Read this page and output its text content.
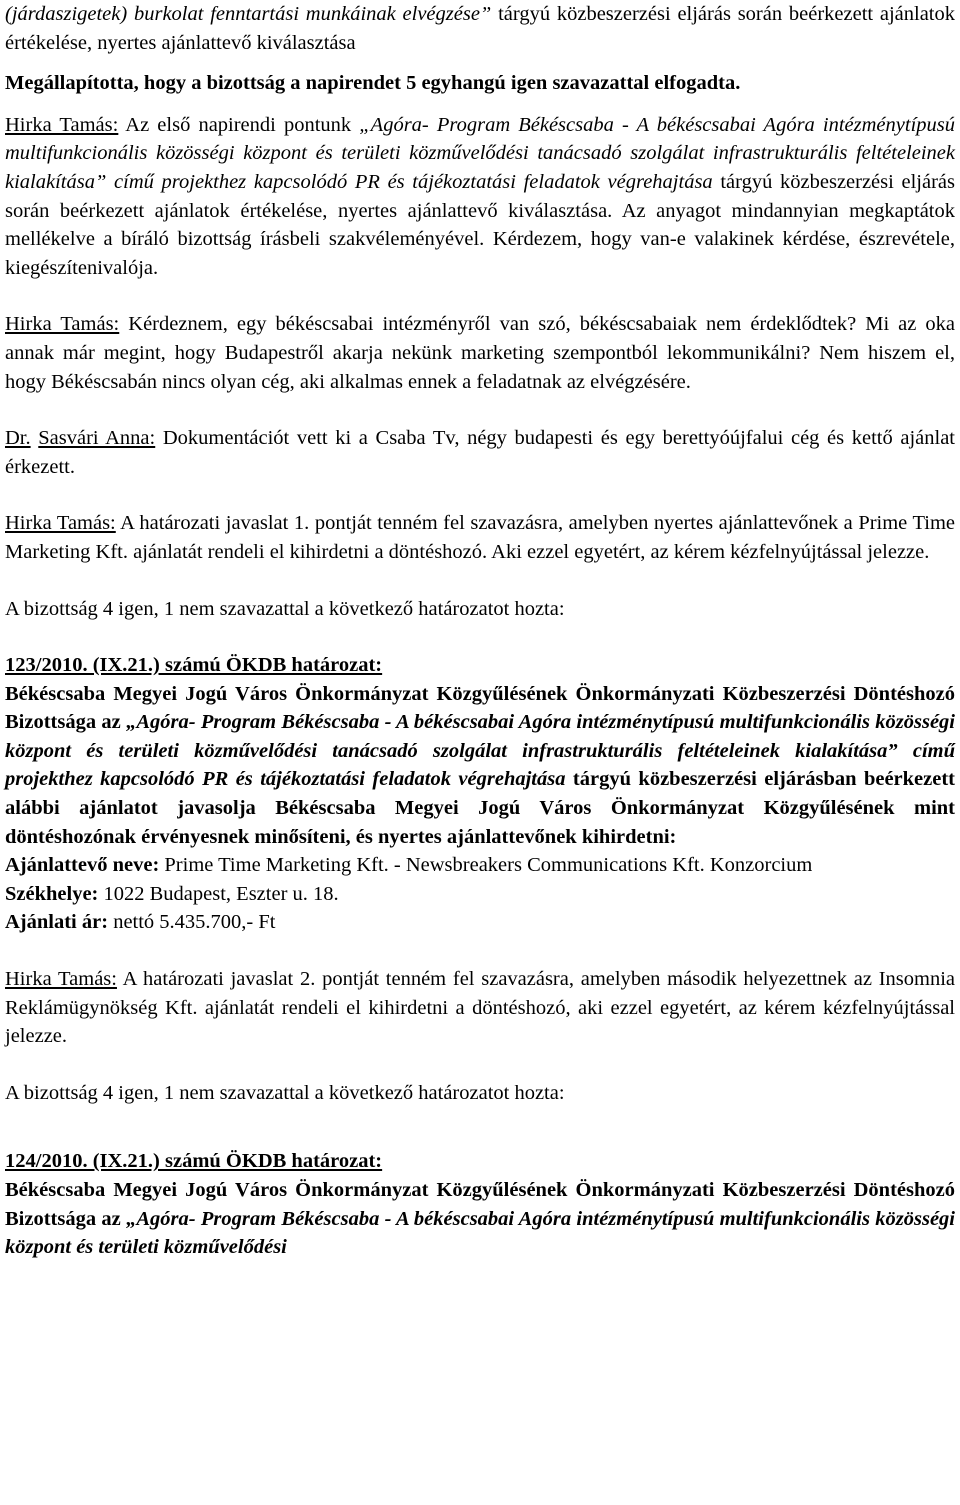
(járdaszigetek) burkolat fenntartási munkáinak elvégzése” tárgyú közbeszerzési eljárás során beérkezett ajánlatok értékelése, nyertes ajánlattevő kiválasztása

Megállapította, hogy a bizottság a napirendet 5 egyhangú igen szavazattal elfogadta.

Hirka Tamás: Az első napirendi pontunk „Agóra- Program Békéscsaba - A békéscsabai Agóra intézménytípusú multifunkcionális közösségi központ és területi közművelődési tanácsadó szolgálat infrastrukturális feltételeinek kialakítása” című projekthez kapcsolódó PR és tájékoztatási feladatok végrehajtása tárgyú közbeszerzési eljárás során beérkezett ajánlatok értékelése, nyertes ajánlattevő kiválasztása. Az anyagot mindannyian megkaptátok mellékelve a bíráló bizottság írásbeli szakvéleményével. Kérdezem, hogy van-e valakinek kérdése, észrevétele, kiegészítenivalója.

Hirka Tamás: Kérdeznem, egy békéscsabai intézményről van szó, békéscsabaiak nem érdeklődtek? Mi az oka annak már megint, hogy Budapestről akarja nekünk marketing szempontból lekommunikálni? Nem hiszem el, hogy Békéscsabán nincs olyan cég, aki alkalmas ennek a feladatnak az elvégzésére.

Dr. Sasvári Anna: Dokumentációt vett ki a Csaba Tv, négy budapesti és egy berettyóújfalui cég és kettő ajánlat érkezett.

Hirka Tamás: A határozati javaslat 1. pontját tenném fel szavazásra, amelyben nyertes ajánlattevőnek a Prime Time Marketing Kft. ajánlatát rendeli el kihirdetni a döntéshozó. Aki ezzel egyetért, az kérem kézfelnyújtással jelezze.

A bizottság 4 igen, 1 nem szavazattal a következő határozatot hozta:

123/2010. (IX.21.) számú ÖKDB határozat:

Békéscsaba Megyei Jogú Város Önkormányzat Közgyűlésének Önkormányzati Közbeszerzési Döntéshozó Bizottsága az „Agóra- Program Békéscsaba - A békéscsabai Agóra intézménytípusú multifunkcionális közösségi központ és területi közművelődési tanácsadó szolgálat infrastrukturális feltételeinek kialakítása” című projekthez kapcsolódó PR és tájékoztatási feladatok végrehajtása tárgyú közbeszerzési eljárásban beérkezett alábbi ajánlatot javasolja Békéscsaba Megyei Jogú Város Önkormányzat Közgyűlésének mint döntéshozónak érvényesnek minősíteni, és nyertes ajánlattevőnek kihirdetni:

Ajánlattevő neve: Prime Time Marketing Kft. - Newsbreakers Communications Kft. Konzorcium

Székhelye: 1022 Budapest, Eszter u. 18.

Ajánlati ár: nettó 5.435.700,- Ft

Hirka Tamás: A határozati javaslat 2. pontját tenném fel szavazásra, amelyben második helyezettnek az Insomnia Reklámügynökség Kft. ajánlatát rendeli el kihirdetni a döntéshozó, aki ezzel egyetért, az kérem kézfelnyújtással jelezze.

A bizottság 4 igen, 1 nem szavazattal a következő határozatot hozta:

124/2010. (IX.21.) számú ÖKDB határozat:

Békéscsaba Megyei Jogú Város Önkormányzat Közgyűlésének Önkormányzati Közbeszerzési Döntéshozó Bizottsága az „Agóra- Program Békéscsaba - A békéscsabai Agóra intézménytípusú multifunkcionális közösségi központ és területi közművelődési
